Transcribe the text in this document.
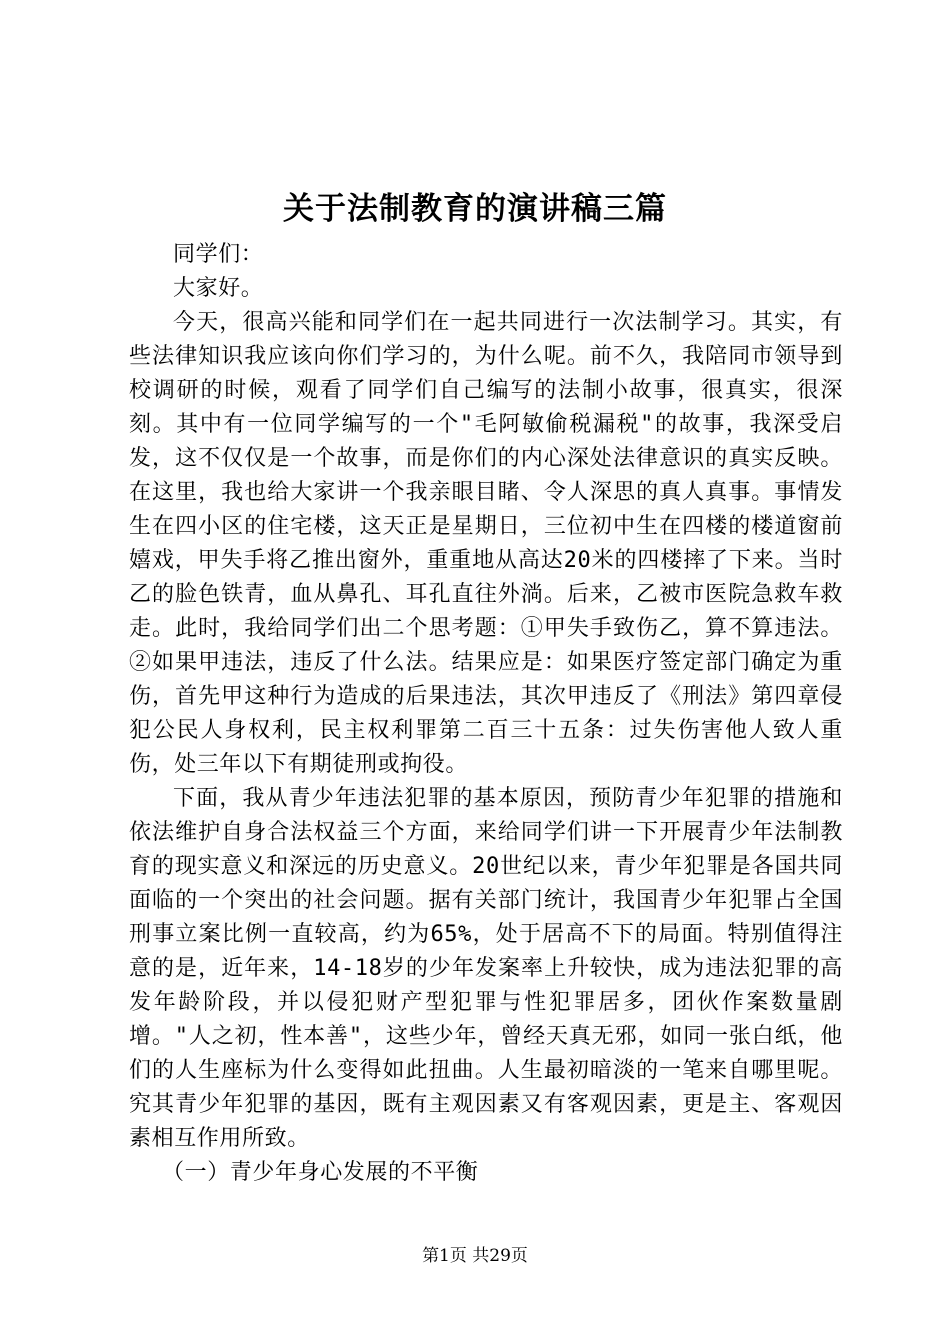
关于法制教育的演讲稿三篇

同学们：

大家好。

今天，很高兴能和同学们在一起共同进行一次法制学习。其实，有些法律知识我应该向你们学习的，为什么呢。前不久，我陪同市领导到校调研的时候，观看了同学们自己编写的法制小故事，很真实，很深刻。其中有一位同学编写的一个"毛阿敏偷税漏税"的故事，我深受启发，这不仅仅是一个故事，而是你们的内心深处法律意识的真实反映。在这里，我也给大家讲一个我亲眼目睹、令人深思的真人真事。事情发生在四小区的住宅楼，这天正是星期日，三位初中生在四楼的楼道窗前嬉戏，甲失手将乙推出窗外，重重地从高达20米的四楼摔了下来。当时乙的脸色铁青，血从鼻孔、耳孔直往外淌。后来，乙被市医院急救车救走。此时，我给同学们出二个思考题：①甲失手致伤乙，算不算违法。②如果甲违法，违反了什么法。结果应是：如果医疗签定部门确定为重伤，首先甲这种行为造成的后果违法，其次甲违反了《刑法》第四章侵犯公民人身权利，民主权利罪第二百三十五条：过失伤害他人致人重伤，处三年以下有期徒刑或拘役。

下面，我从青少年违法犯罪的基本原因，预防青少年犯罪的措施和依法维护自身合法权益三个方面，来给同学们讲一下开展青少年法制教育的现实意义和深远的历史意义。20世纪以来，青少年犯罪是各国共同面临的一个突出的社会问题。据有关部门统计，我国青少年犯罪占全国刑事立案比例一直较高，约为65%，处于居高不下的局面。特别值得注意的是，近年来，14-18岁的少年发案率上升较快，成为违法犯罪的高发年龄阶段，并以侵犯财产型犯罪与性犯罪居多，团伙作案数量剧增。"人之初，性本善"，这些少年，曾经天真无邪，如同一张白纸，他们的人生座标为什么变得如此扭曲。人生最初暗淡的一笔来自哪里呢。究其青少年犯罪的基因，既有主观因素又有客观因素，更是主、客观因素相互作用所致。

（一）青少年身心发展的不平衡

第1页 共29页
